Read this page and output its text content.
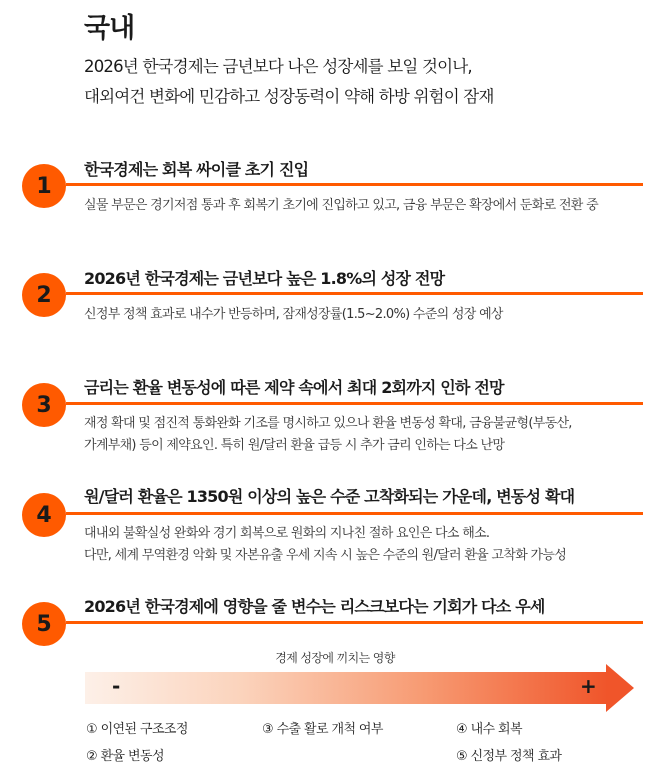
국내
2026년 한국경제는 금년보다 나은 성장세를 보일 것이나,
대외여건 변화에 민감하고 성장동력이 약해 하방 위험이 잠재
1
한국경제는 회복 싸이클 초기 진입
실물 부문은 경기저점 통과 후 회복기 초기에 진입하고 있고, 금융 부문은 확장에서 둔화로 전환 중
2
2026년 한국경제는 금년보다 높은 1.8%의 성장 전망
신정부 정책 효과로 내수가 반등하며, 잠재성장률(1.5~2.0%) 수준의 성장 예상
3
금리는 환율 변동성에 따른 제약 속에서 최대 2회까지 인하 전망
재정 확대 및 점진적 통화완화 기조를 명시하고 있으나 환율 변동성 확대, 금융불균형(부동산,
가계부채) 등이 제약요인. 특히 원/달러 환율 급등 시 추가 금리 인하는 다소 난망
4
원/달러 환율은 1350원 이상의 높은 수준 고착화되는 가운데, 변동성 확대
대내외 불확실성 완화와 경기 회복으로 원화의 지나친 절하 요인은 다소 해소.
다만, 세계 무역환경 악화 및 자본유출 우세 지속 시 높은 수준의 원/달러 환율 고착화 가능성
5
2026년 한국경제에 영향을 줄 변수는 리스크보다는 기회가 다소 우세
경제 성장에 끼치는 영향
-	+
① 이연된 구조조정
② 환율 변동성
③ 수출 활로 개척 여부	④ 내수 회복
⑤ 신정부 정책 효과
